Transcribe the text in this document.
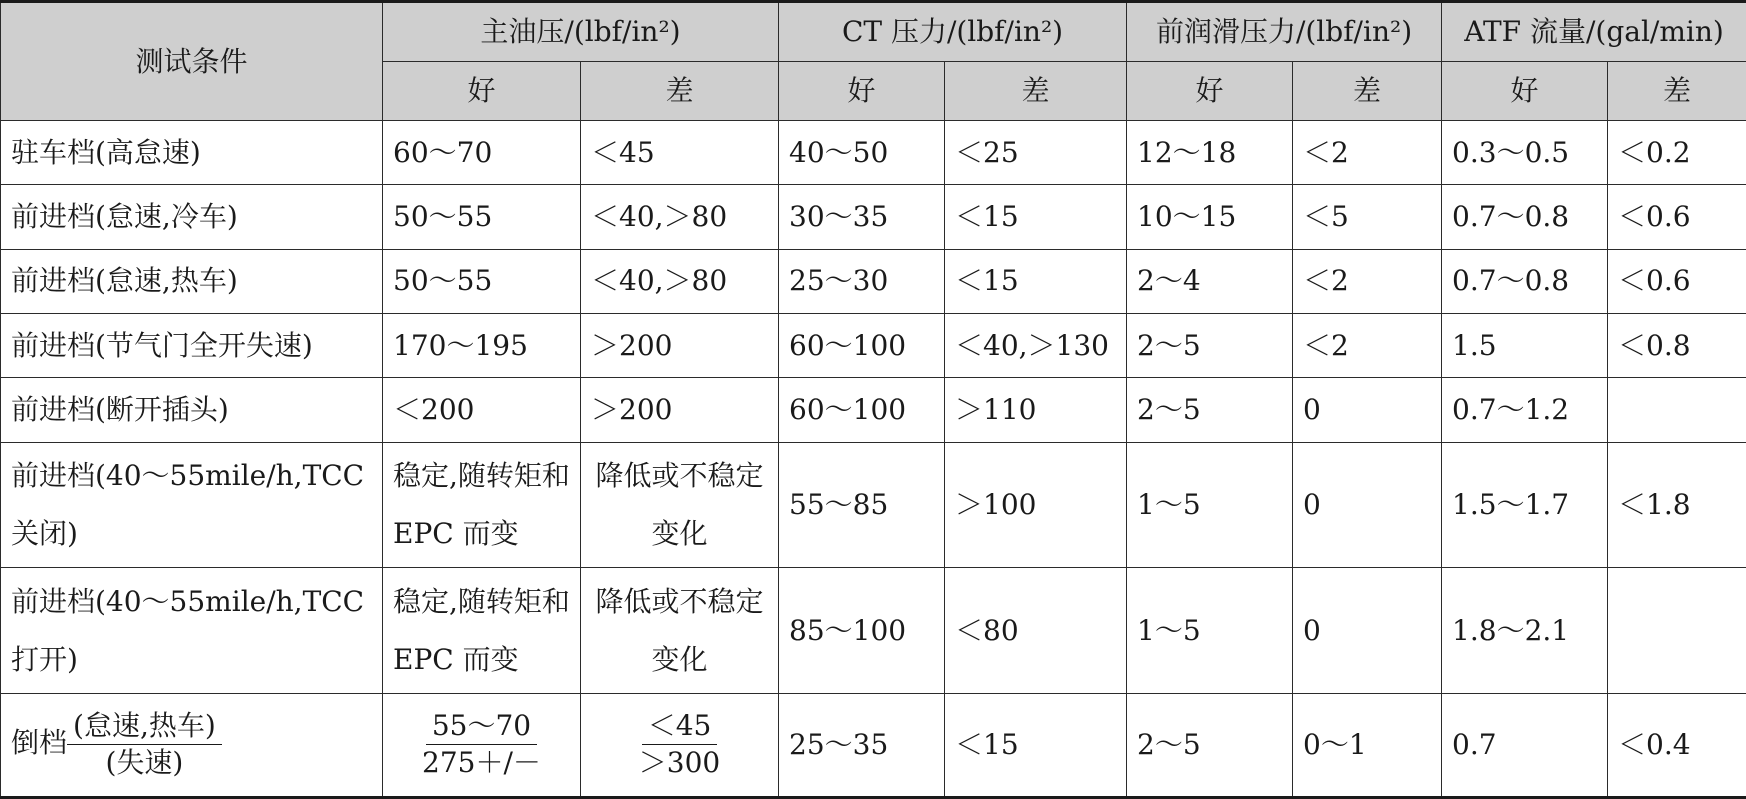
测试条件	主油压/(lbf/in²)		CT 压力/(lbf/in²)		前润滑压力/(lbf/in²)		ATF 流量/(gal/min)	
	好	差	好	差	好	差	好	差
驻车档(高怠速)	60～70	＜45	40～50	＜25	12～18	＜2	0.3～0.5	＜0.2
前进档(怠速,冷车)	50～55	＜40,＞80	30～35	＜15	10～15	＜5	0.7～0.8	＜0.6
前进档(怠速,热车)	50～55	＜40,＞80	25～30	＜15	2～4	＜2	0.7～0.8	＜0.6
前进档(节气门全开失速)	170～195	＞200	60～100	＜40,＞130	2～5	＜2	1.5	＜0.8
前进档(断开插头)	＜200	＞200	60～100	＞110	2～5	0	0.7～1.2	
前进档(40～55mile/h,TCC 关闭)	稳定,随转矩和 EPC 而变	降低或不稳定变化	55～85	＞100	1～5	0	1.5～1.7	＜1.8
前进档(40～55mile/h,TCC 打开)	稳定,随转矩和 EPC 而变	降低或不稳定变化	85～100	＜80	1～5	0	1.8～2.1	
倒档 $\frac{\text{(怠速,热车)}}{\text{(失速)}}$	$\frac{55\sim 70}{275+/-}$	$\frac{<45}{>300}$	25～35	＜15	2～5	0～1	0.7	＜0.4
